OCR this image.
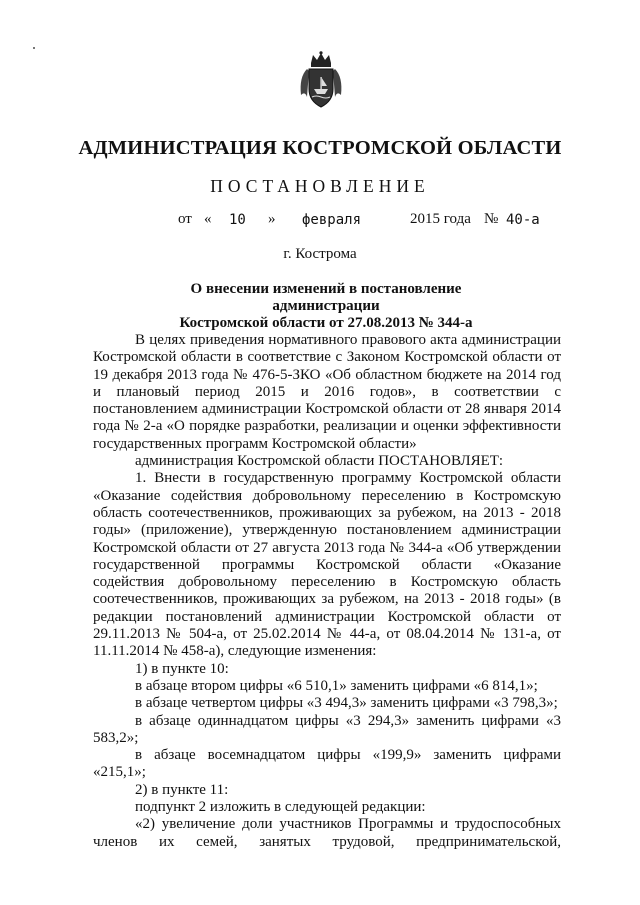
АДМИНИСТРАЦИЯ КОСТРОМСКОЙ ОБЛАСТИ
ПОСТАНОВЛЕНИЕ
от « 10 » февраля	2015 года № 40-а
г. Кострома
О внесении изменений в постановление администрации
Костромской области от 27.08.2013 № 344-а

В целях приведения нормативного правового акта администрации Костромской области в соответствие с Законом Костромской области от 19 декабря 2013 года № 476-5-ЗКО «Об областном бюджете на 2014 год и плановый период 2015 и 2016 годов», в соответствии с постановлением администрации Костромской области от 28 января 2014 года № 2-а «О порядке разработки, реализации и оценки эффективности государственных программ Костромской области»

администрация Костромской области ПОСТАНОВЛЯЕТ:

1. Внести в государственную программу Костромской области «Оказание содействия добровольному переселению в Костромскую область соотечественников, проживающих за рубежом, на 2013 - 2018 годы» (приложение), утвержденную постановлением администрации Костромской области от 27 августа 2013 года № 344-а «Об утверждении государственной программы Костромской области «Оказание содействия добровольному переселению в Костромскую область соотечественников, проживающих за рубежом, на 2013 - 2018 годы» (в редакции постановлений администрации Костромской области от 29.11.2013 № 504-а, от 25.02.2014 № 44-а, от 08.04.2014 № 131-а, от 11.11.2014 № 458-а), следующие изменения:

1) в пункте 10:

в абзаце втором цифры «6 510,1» заменить цифрами «6 814,1»;

в абзаце четвертом цифры «3 494,3» заменить цифрами «3 798,3»;

в абзаце одиннадцатом цифры «3 294,3» заменить цифрами «3 583,2»;

в абзаце восемнадцатом цифры «199,9» заменить цифрами «215,1»;

2) в пункте 11:

подпункт 2 изложить в следующей редакции:

«2) увеличение доли участников Программы и трудоспособных членов их семей, занятых трудовой, предпринимательской,
